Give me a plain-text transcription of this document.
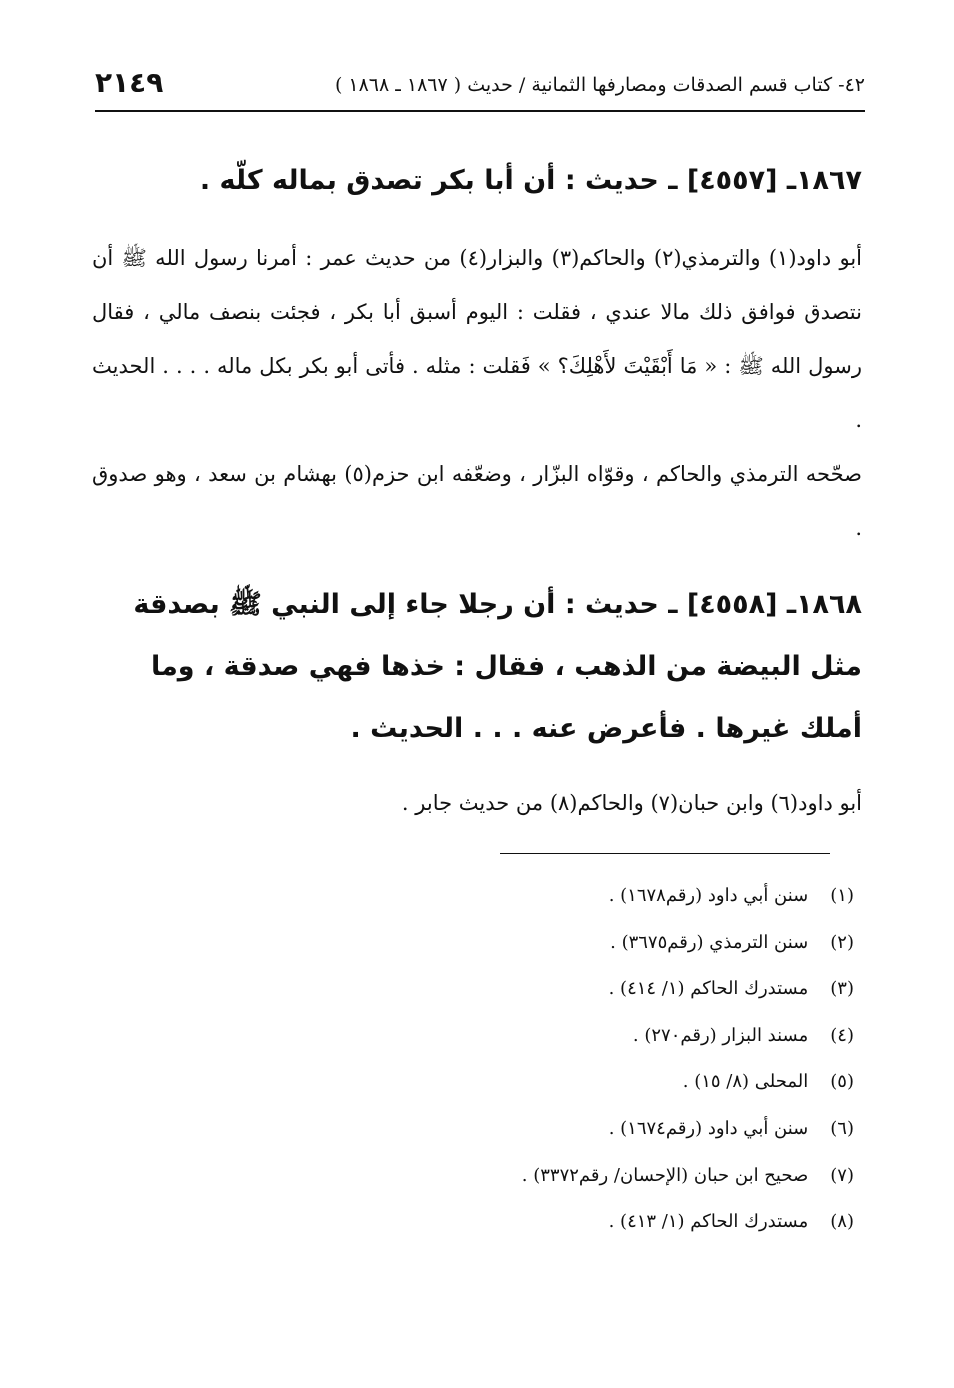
٢١٤٩	٤٢- كتاب قسم الصدقات ومصارفها الثمانية / حديث ( ١٨٦٧ ـ ١٨٦٨ )
١٨٦٧ـ [٤٥٥٧] ـ حديث : أن أبا بكر تصدق بماله كلّه .

أبو داود(١) والترمذي(٢) والحاكم(٣) والبزار(٤) من حديث عمر : أمرنا رسول الله ﷺ أن نتصدق فوافق ذلك مالا عندي ، فقلت : اليوم أسبق أبا بكر ، فجئت بنصف مالي ، فقال رسول الله ﷺ : « مَا أَبْقَيْتَ لأَهْلِكَ؟ » فَقلت : مثله . فأتى أبو بكر بكل ماله . . . . الحديث .

صحّحه الترمذي والحاكم ، وقوّاه البزّار ، وضعّفه ابن حزم(٥) بهشام بن سعد ، وهو صدوق .

١٨٦٨ـ [٤٥٥٨] ـ حديث : أن رجلا جاء إلى النبي ﷺ بصدقة مثل البيضة من الذهب ، فقال : خذها فهي صدقة ، وما أملك غيرها . فأعرض عنه . . . الحديث .

أبو داود(٦) وابن حبان(٧) والحاكم(٨) من حديث جابر .

(١) سنن أبي داود (رقم١٦٧٨) .
(٢) سنن الترمذي (رقم٣٦٧٥) .
(٣) مستدرك الحاكم (١/ ٤١٤) .
(٤) مسند البزار (رقم٢٧٠) .
(٥) المحلى (٨/ ١٥) .
(٦) سنن أبي داود (رقم١٦٧٤) .
(٧) صحيح ابن حبان (الإحسان/ رقم٣٣٧٢) .
(٨) مستدرك الحاكم (١/ ٤١٣) .
